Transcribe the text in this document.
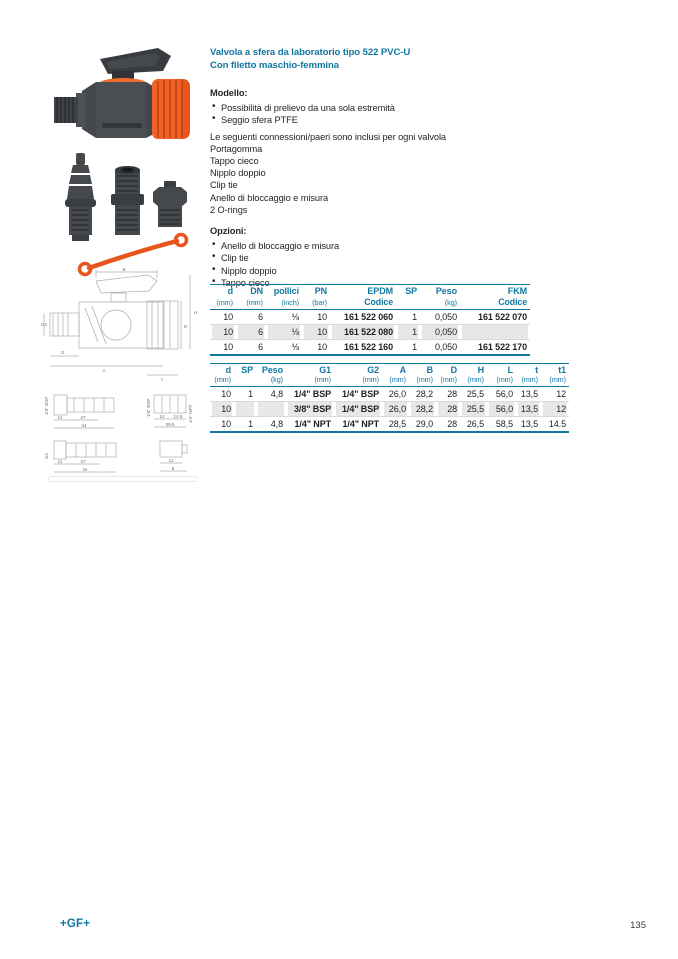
B
H
D
G1
A
t
t1
1/4" BSP
12	27
44
1/4" BSP	1/4" NPT
12 14.5
39.5
G2
11	27
M
11
9
Valvola a sfera da laboratorio tipo 522 PVC-U
Con filetto maschio-femmina
Modello:
• Possibilità di prelievo da una sola estremità
• Seggio sfera PTFE
Le seguenti connessioni/paeri sono inclusi per ogni valvola
Portagomma
Tappo cieco
Nipplo doppio
Clip tie
Anello di bloccaggio e misura
2 O-rings
Opzioni:
• Anello di bloccaggio e misura
• Clip tie
• Nipplo doppio
• Tappo cieco
d	DN	pollici	PN	EPDM	SP	Peso	FKM
(mm)	(mm)	(inch)	(bar)	Codice		(kg)	Codice
10	6	⅛	10	161 522 060	1	0,050	161 522 070
10	6	⅛	10	161 522 080	1	0,050	
10	6	⅛	10	161 522 160	1	0,050	161 522 170
d	SP	Peso	G1	G2	A	B	D	H	L	t	t1
(mm)		(kg)	(mm)	(mm)	(mm)	(mm)	(mm)	(mm)	(mm)	(mm)	(mm)
10	1	4,8	1/4" BSP	1/4" BSP	26,0	28,2	28	25,5	56,0	13,5	12
10			3/8" BSP	1/4" BSP	26,0	28,2	28	25,5	56,0	13,5	12
10	1	4,8	1/4" NPT	1/4" NPT	28,5	29,0	28	26,5	58,5	13,5	14.5
+GF+	135
